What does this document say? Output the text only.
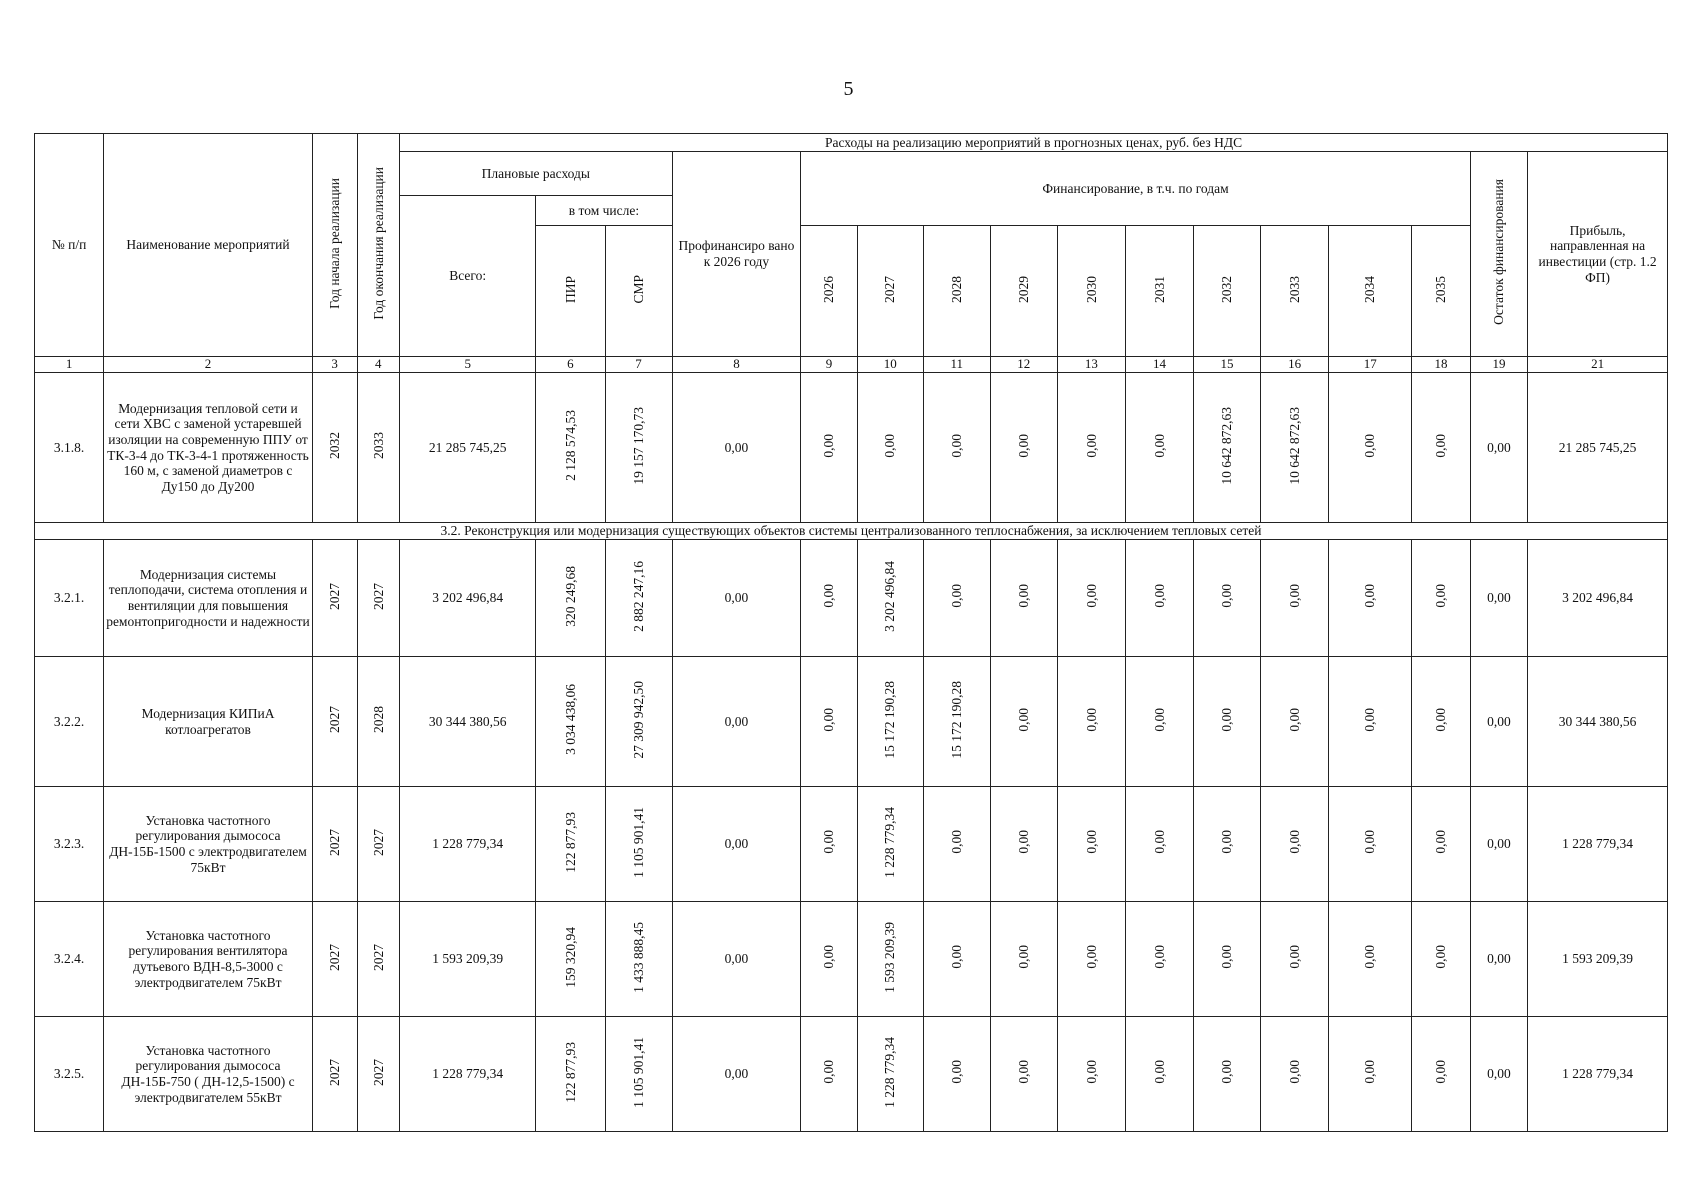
5
№ п/п	Наименование мероприятий	Год начала реализации	Год окончания реализации	Расходы на реализацию мероприятий в прогнозных ценах, руб. без НДС															
				Плановые расходы			Профинансиро вано к 2026 году	Финансирование, в т.ч. по годам										Остаток финансирования	Прибыль, направленная на инвестиции (стр. 1.2 ФП)
				Всего:	в том числе:														
					ПИР	СМР		2026	2027	2028	2029	2030	2031	2032	2033	2034	2035		
1	2	3	4	5	6	7	8	9	10	11	12	13	14	15	16	17	18	19	21
3.1.8.	Модернизация тепловой сети и сети ХВС с заменой устаревшей изоляции на современную ППУ от ТК-3-4 до ТК-3-4-1 протяженность 160 м, с заменой диаметров с Ду150 до Ду200	2032	2033	21 285 745,25	2 128 574,53	19 157 170,73	0,00	0,00	0,00	0,00	0,00	0,00	0,00	10 642 872,63	10 642 872,63	0,00	0,00	0,00	21 285 745,25
3.2. Реконструкция или модернизация существующих объектов системы централизованного теплоснабжения, за исключением тепловых сетей																			
3.2.1.	Модернизация системы теплоподачи, система отопления и вентиляции для повышения ремонтопригодности и надежности	2027	2027	3 202 496,84	320 249,68	2 882 247,16	0,00	0,00	3 202 496,84	0,00	0,00	0,00	0,00	0,00	0,00	0,00	0,00	0,00	3 202 496,84
3.2.2.	Модернизация КИПиА котлоагрегатов	2027	2028	30 344 380,56	3 034 438,06	27 309 942,50	0,00	0,00	15 172 190,28	15 172 190,28	0,00	0,00	0,00	0,00	0,00	0,00	0,00	0,00	30 344 380,56
3.2.3.	Установка частотного регулирования дымососа ДН-15Б-1500 с электродвигателем 75кВт	2027	2027	1 228 779,34	122 877,93	1 105 901,41	0,00	0,00	1 228 779,34	0,00	0,00	0,00	0,00	0,00	0,00	0,00	0,00	0,00	1 228 779,34
3.2.4.	Установка частотного регулирования вентилятора дутьевого ВДН-8,5-3000 с электродвигателем 75кВт	2027	2027	1 593 209,39	159 320,94	1 433 888,45	0,00	0,00	1 593 209,39	0,00	0,00	0,00	0,00	0,00	0,00	0,00	0,00	0,00	1 593 209,39
3.2.5.	Установка частотного регулирования дымососа ДН-15Б-750 ( ДН-12,5-1500) с электродвигателем 55кВт	2027	2027	1 228 779,34	122 877,93	1 105 901,41	0,00	0,00	1 228 779,34	0,00	0,00	0,00	0,00	0,00	0,00	0,00	0,00	0,00	1 228 779,34
